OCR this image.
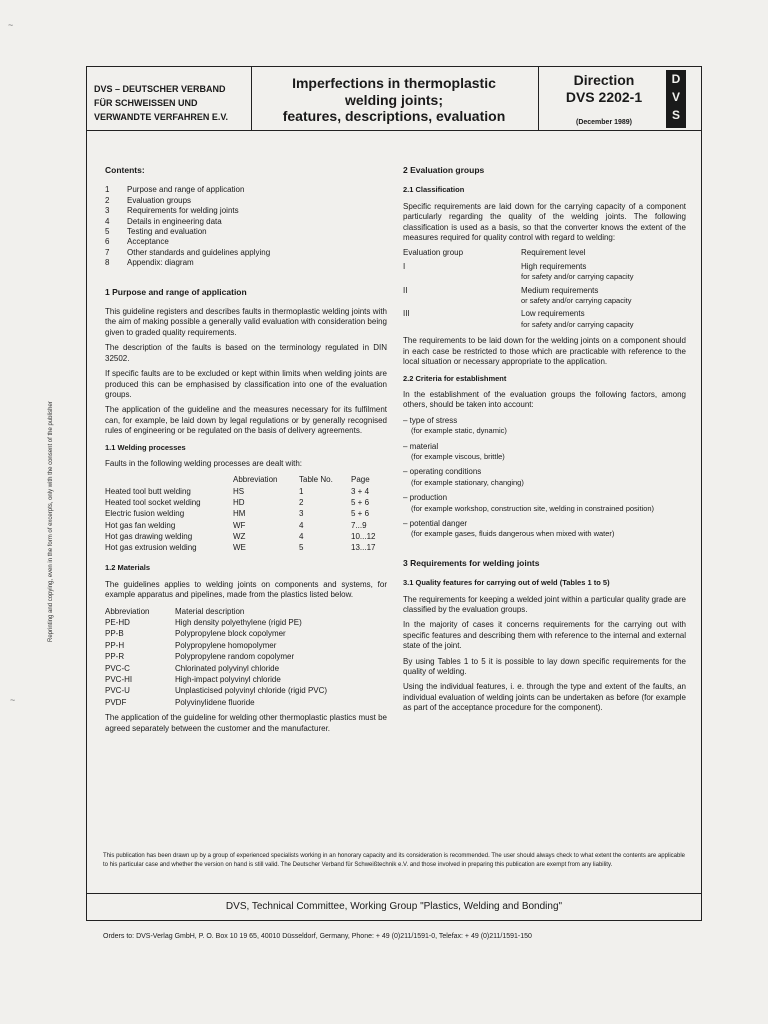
~
~
DVS – DEUTSCHER VERBAND
FÜR SCHWEISSEN UND
VERWANDTE VERFAHREN E.V.
Imperfections in thermoplastic
welding joints;
features, descriptions, evaluation
Direction
DVS 2202-1
(December 1989)
D
V
S
Reprinting and copying, even in the form of excerpts, only with the consent of the publisher
Contents:
1	Purpose and range of application
2	Evaluation groups
3	Requirements for welding joints
4	Details in engineering data
5	Testing and evaluation
6	Acceptance
7	Other standards and guidelines applying
8	Appendix: diagram
1 Purpose and range of application

This guideline registers and describes faults in thermoplastic welding joints with the aim of making possible a generally valid evaluation with consideration being given to graded quality requirements.

The description of the faults is based on the terminology regulated in DIN 32502.

If specific faults are to be excluded or kept within limits when welding joints are produced this can be emphasised by classification into one of the evaluation groups.

The application of the guideline and the measures necessary for its fulfilment can, for example, be laid down by legal regulations or by generally recognised rules of engineering or be regulated on the basis of delivery agreements.

1.1 Welding processes

Faults in the following welding processes are dealt with:

	Abbreviation	Table No.	Page
Heated tool butt welding	HS	1	3 + 4
Heated tool socket welding	HD	2	5 + 6
Electric fusion welding	HM	3	5 + 6
Hot gas fan welding	WF	4	7...9
Hot gas drawing welding	WZ	4	10...12
Hot gas extrusion welding	WE	5	13...17
1.2 Materials

The guidelines applies to welding joints on components and systems, for example apparatus and pipelines, made from the plastics listed below.

Abbreviation	Material description
PE-HD	High density polyethylene (rigid PE)
PP-B	Polypropylene block copolymer
PP-H	Polypropylene homopolymer
PP-R	Polypropylene random copolymer
PVC-C	Chlorinated polyvinyl chloride
PVC-HI	High-impact polyvinyl chloride
PVC-U	Unplasticised polyvinyl chloride (rigid PVC)
PVDF	Polyvinylidene fluoride

The application of the guideline for welding other thermoplastic plastics must be agreed separately between the customer and the manufacturer.

2 Evaluation groups
2.1 Classification

Specific requirements are laid down for the carrying capacity of a component particularly regarding the quality of the welding joints. The following classification is used as a basis, so that the converter knows the extent of the measures required for quality control with regard to welding:

Evaluation group	Requirement level
I	High requirements
for safety and/or carrying capacity
II	Medium requirements
or safety and/or carrying capacity
III	Low requirements
for safety and/or carrying capacity

The requirements to be laid down for the welding joints on a component should in each case be restricted to those which are practicable with reference to the local situation or necessary appropriate to the application.

2.2 Criteria for establishment

In the establishment of the evaluation groups the following factors, among others, should be taken into account:

– type of stress
(for example static, dynamic)
– material
(for example viscous, brittle)
– operating conditions
(for example stationary, changing)
– production
(for example workshop, construction site, welding in constrained position)
– potential danger
(for example gases, fluids dangerous when mixed with water)
3 Requirements for welding joints
3.1 Quality features for carrying out of weld (Tables 1 to 5)

The requirements for keeping a welded joint within a particular quality grade are classified by the evaluation groups.

In the majority of cases it concerns requirements for the carrying out with specific features and describing them with reference to the internal and external state of the joint.

By using Tables 1 to 5 it is possible to lay down specific requirements for the quality of welding.

Using the individual features, i. e. through the type and extent of the faults, an individual evaluation of welding joints can be undertaken as before (for example as part of the acceptance procedure for the component).

This publication has been drawn up by a group of experienced specialists working in an honorary capacity and its consideration is recommended. The user should always check to what extent the contents are applicable to his particular case and whether the version on hand is still valid. The Deutscher Verband für Schweißtechnik e.V. and those involved in preparing this publication are exempt from any liability.
DVS, Technical Committee, Working Group "Plastics, Welding and Bonding"
Orders to: DVS-Verlag GmbH, P. O. Box 10 19 65, 40010 Düsseldorf, Germany, Phone: + 49 (0)211/1591-0, Telefax: + 49 (0)211/1591-150
